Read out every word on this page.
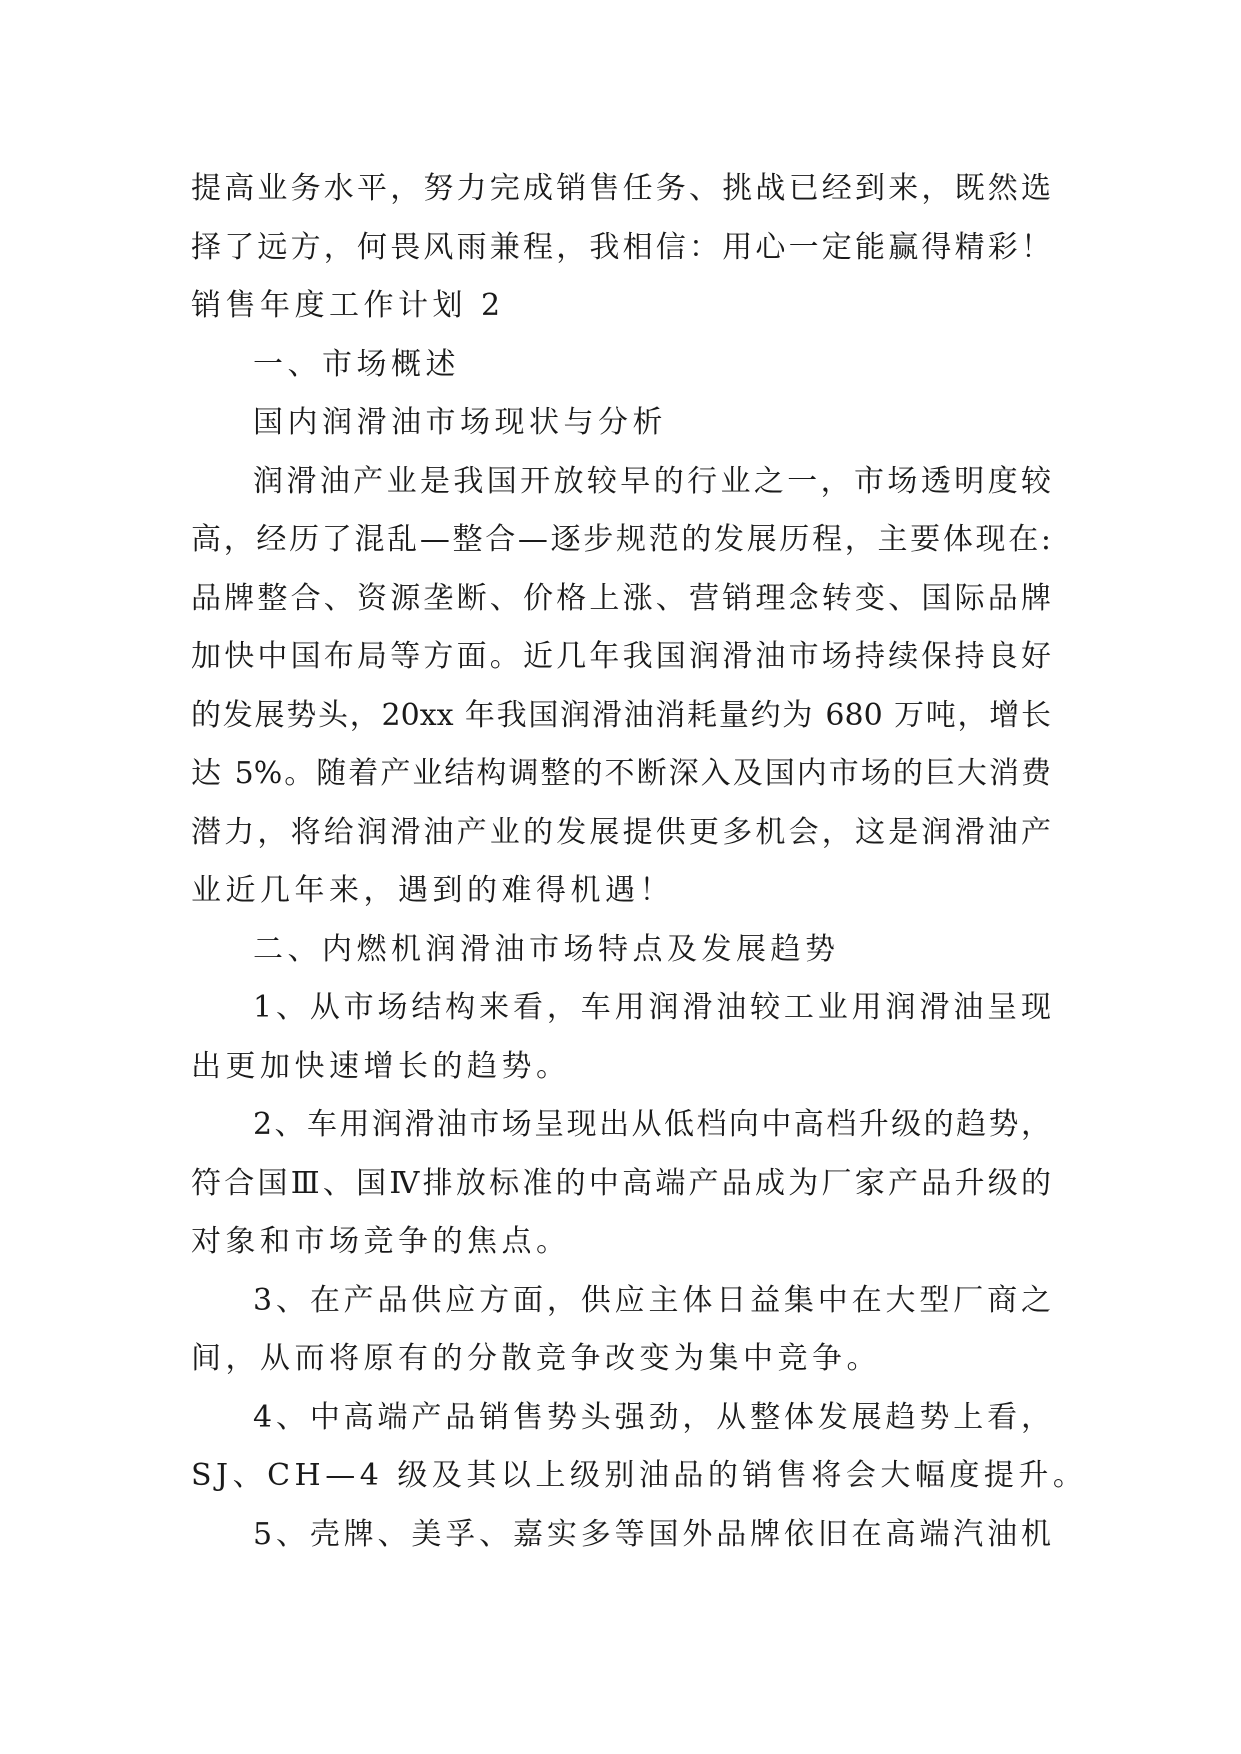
提高业务水平，努力完成销售任务、挑战已经到来，既然选
择了远方，何畏风雨兼程，我相信：用心一定能赢得精彩！
销售年度工作计划 2
一、市场概述
国内润滑油市场现状与分析
润滑油产业是我国开放较早的行业之一，市场透明度较
高，经历了混乱—整合—逐步规范的发展历程，主要体现在:
品牌整合、资源垄断、价格上涨、营销理念转变、国际品牌
加快中国布局等方面。近几年我国润滑油市场持续保持良好
的发展势头，20xx 年我国润滑油消耗量约为 680 万吨，增长
达 5%。随着产业结构调整的不断深入及国内市场的巨大消费
潜力，将给润滑油产业的发展提供更多机会，这是润滑油产
业近几年来，遇到的难得机遇！
二、内燃机润滑油市场特点及发展趋势
1、从市场结构来看，车用润滑油较工业用润滑油呈现
出更加快速增长的趋势。
2、车用润滑油市场呈现出从低档向中高档升级的趋势，
符合国Ⅲ、国Ⅳ排放标准的中高端产品成为厂家产品升级的
对象和市场竞争的焦点。
3、在产品供应方面，供应主体日益集中在大型厂商之
间，从而将原有的分散竞争改变为集中竞争。
4、中高端产品销售势头强劲，从整体发展趋势上看，
SJ、CH—4 级及其以上级别油品的销售将会大幅度提升。
5、壳牌、美孚、嘉实多等国外品牌依旧在高端汽油机
